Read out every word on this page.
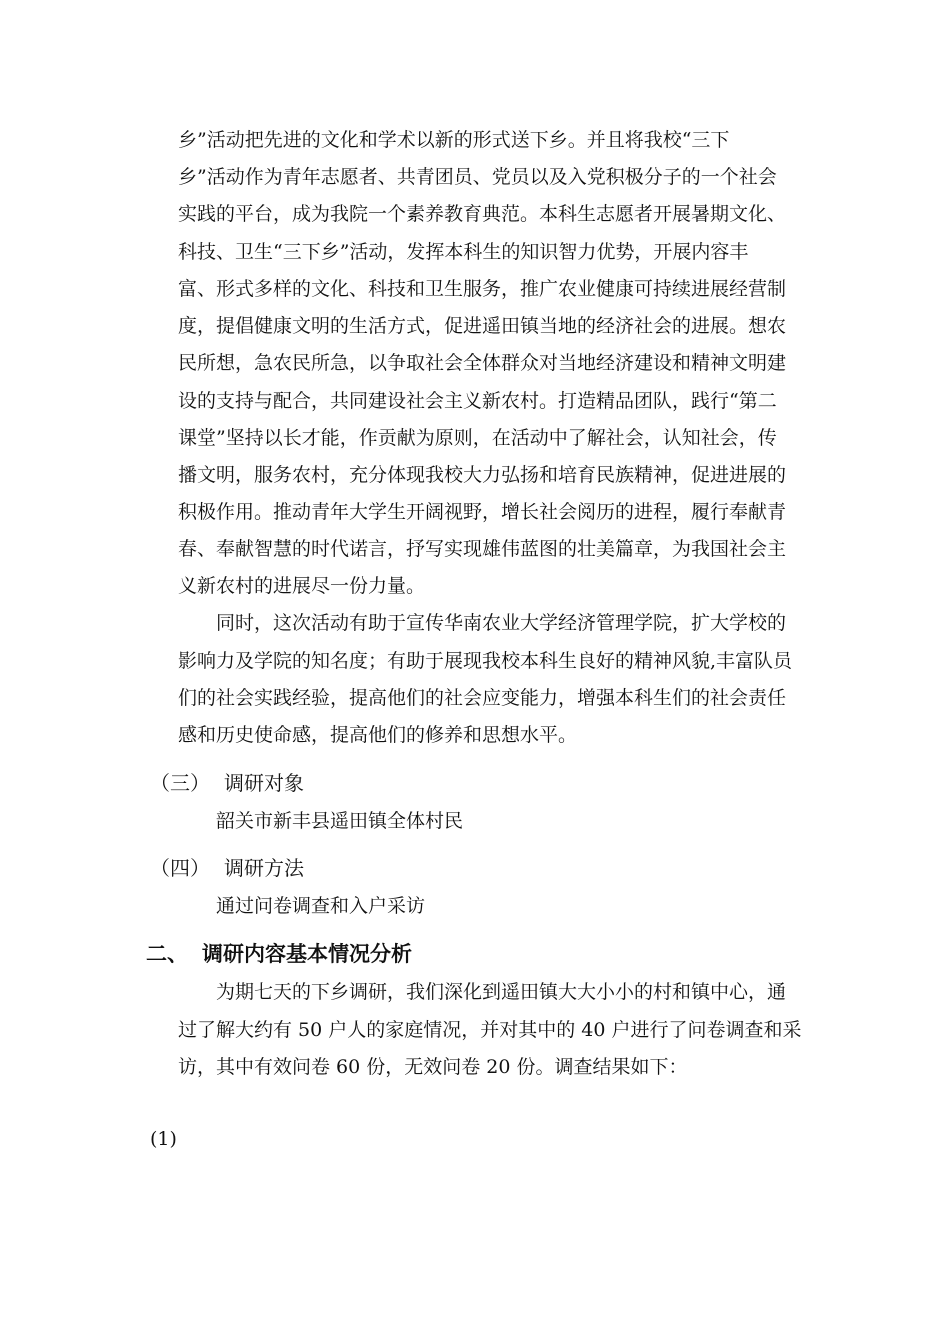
乡”活动把先进的文化和学术以新的形式送下乡。并且将我校“三下
乡”活动作为青年志愿者、共青团员、党员以及入党积极分子的一个社会
实践的平台，成为我院一个素养教育典范。本科生志愿者开展暑期文化、
科技、卫生“三下乡”活动，发挥本科生的知识智力优势，开展内容丰
富、形式多样的文化、科技和卫生服务，推广农业健康可持续进展经营制
度，提倡健康文明的生活方式，促进遥田镇当地的经济社会的进展。想农
民所想，急农民所急，以争取社会全体群众对当地经济建设和精神文明建
设的支持与配合，共同建设社会主义新农村。打造精品团队，践行“第二
课堂”坚持以长才能，作贡献为原则，在活动中了解社会，认知社会，传
播文明，服务农村，充分体现我校大力弘扬和培育民族精神，促进进展的
积极作用。推动青年大学生开阔视野，增长社会阅历的进程，履行奉献青
春、奉献智慧的时代诺言，抒写实现雄伟蓝图的壮美篇章，为我国社会主
义新农村的进展尽一份力量。
同时，这次活动有助于宣传华南农业大学经济管理学院，扩大学校的
影响力及学院的知名度；有助于展现我校本科生良好的精神风貌,丰富队员
们的社会实践经验，提高他们的社会应变能力，增强本科生们的社会责任
感和历史使命感，提高他们的修养和思想水平。
（三） 调研对象
韶关市新丰县遥田镇全体村民
（四） 调研方法
通过问卷调查和入户采访
二、 调研内容基本情况分析
为期七天的下乡调研，我们深化到遥田镇大大小小的村和镇中心，通
过了解大约有 50 户人的家庭情况，并对其中的 40 户进行了问卷调查和采
访，其中有效问卷 60 份，无效问卷 20 份。调查结果如下：
(1)
